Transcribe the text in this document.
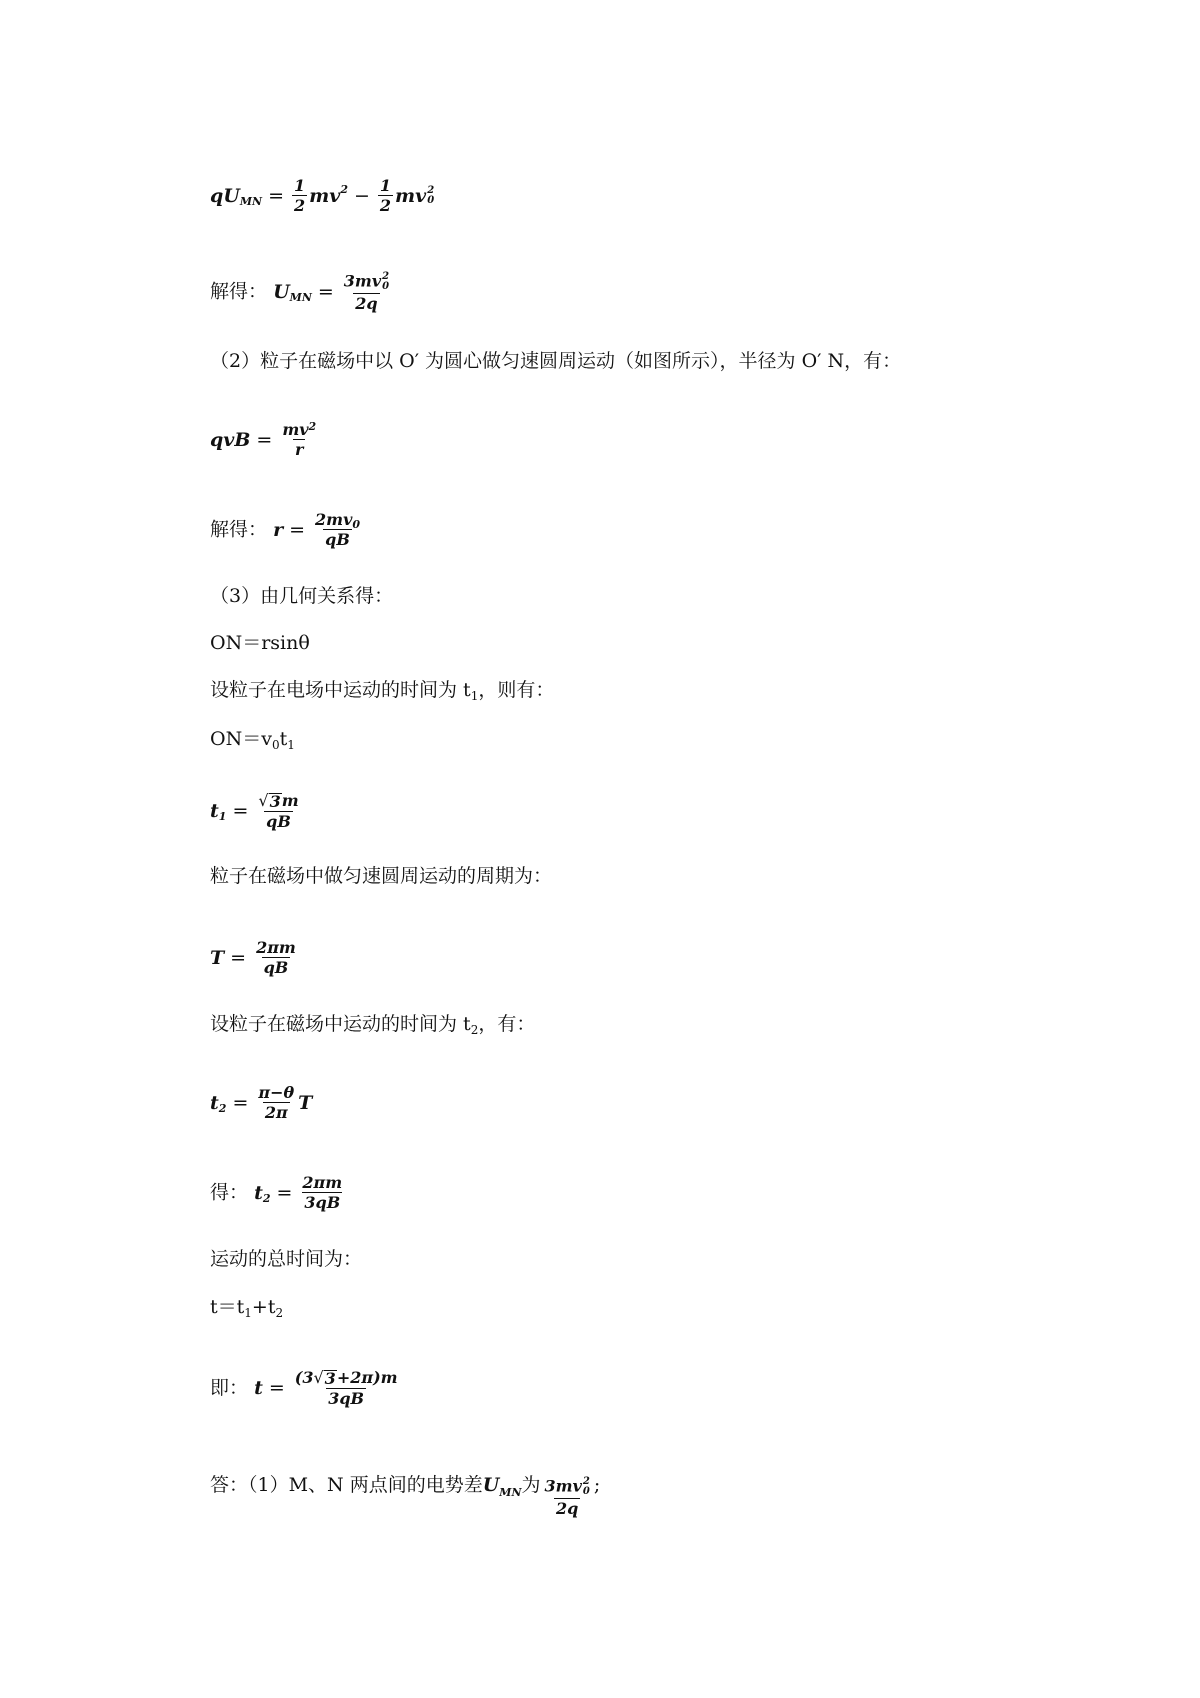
qU MN = $\frac{1}{2}$ mv $2 - \frac{1}{2}$ mv 2
0
解得： U MN = 3mv 2
0
2q
（2）粒子在磁场中以 O′ 为圆心做匀速圆周运动（如图所示），半径为 O′ N，有：
qvB = $\frac{mv^2}{r}$
解得： $r = \frac{2mv0}{qB}$
（3）由几何关系得：
ON＝rsinθ
设粒子在电场中运动的时间为 $t_1$，则有：
$ON=v_0t_1$
t $1 = \frac{√ 3 m}{qB}$
粒子在磁场中做匀速圆周运动的周期为：
$T = \frac{2\pi m}{qB}$
设粒子在磁场中运动的时间为 $t_2$，有：
t $2 = \frac{\pi-\theta}{2\pi}$ T
得： t $2 = \frac{2\pi m}{3qB}$
运动的总时间为：
$t=t_1+t_2$
即： $t = \frac{(3 √ 3 +2\pi)m}{3qB}$
答：（1）M、N 两点间的电势差$U_{MN}$为 3mv 2
0
2q ;
